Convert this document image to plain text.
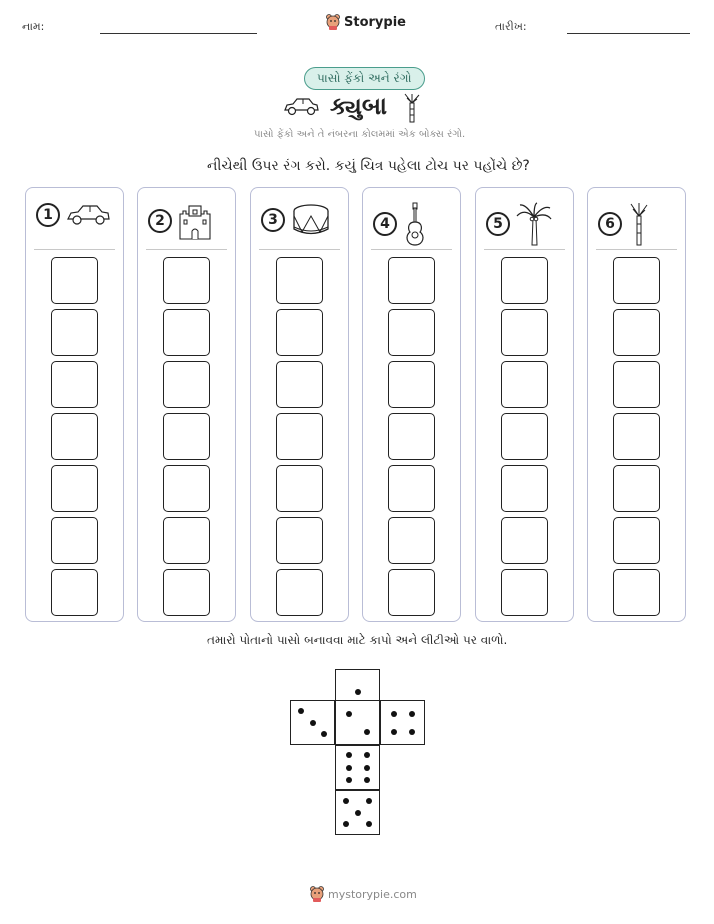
નામ:	Storypie	તારીખ:
પાસો ફેંકો અને રંગો
ક્યુબા
પાસો ફેંકો અને તે નંબરના કોલમમાં એક બોક્સ રંગો.
નીચેથી ઉપર રંગ કરો. કયું ચિત્ર પહેલા ટોચ પર પહોંચે છે?
1	2	3	4	5	6
તમારો પોતાનો પાસો બનાવવા માટે કાપો અને લીટીઓ પર વાળો.
mystorypie.com
